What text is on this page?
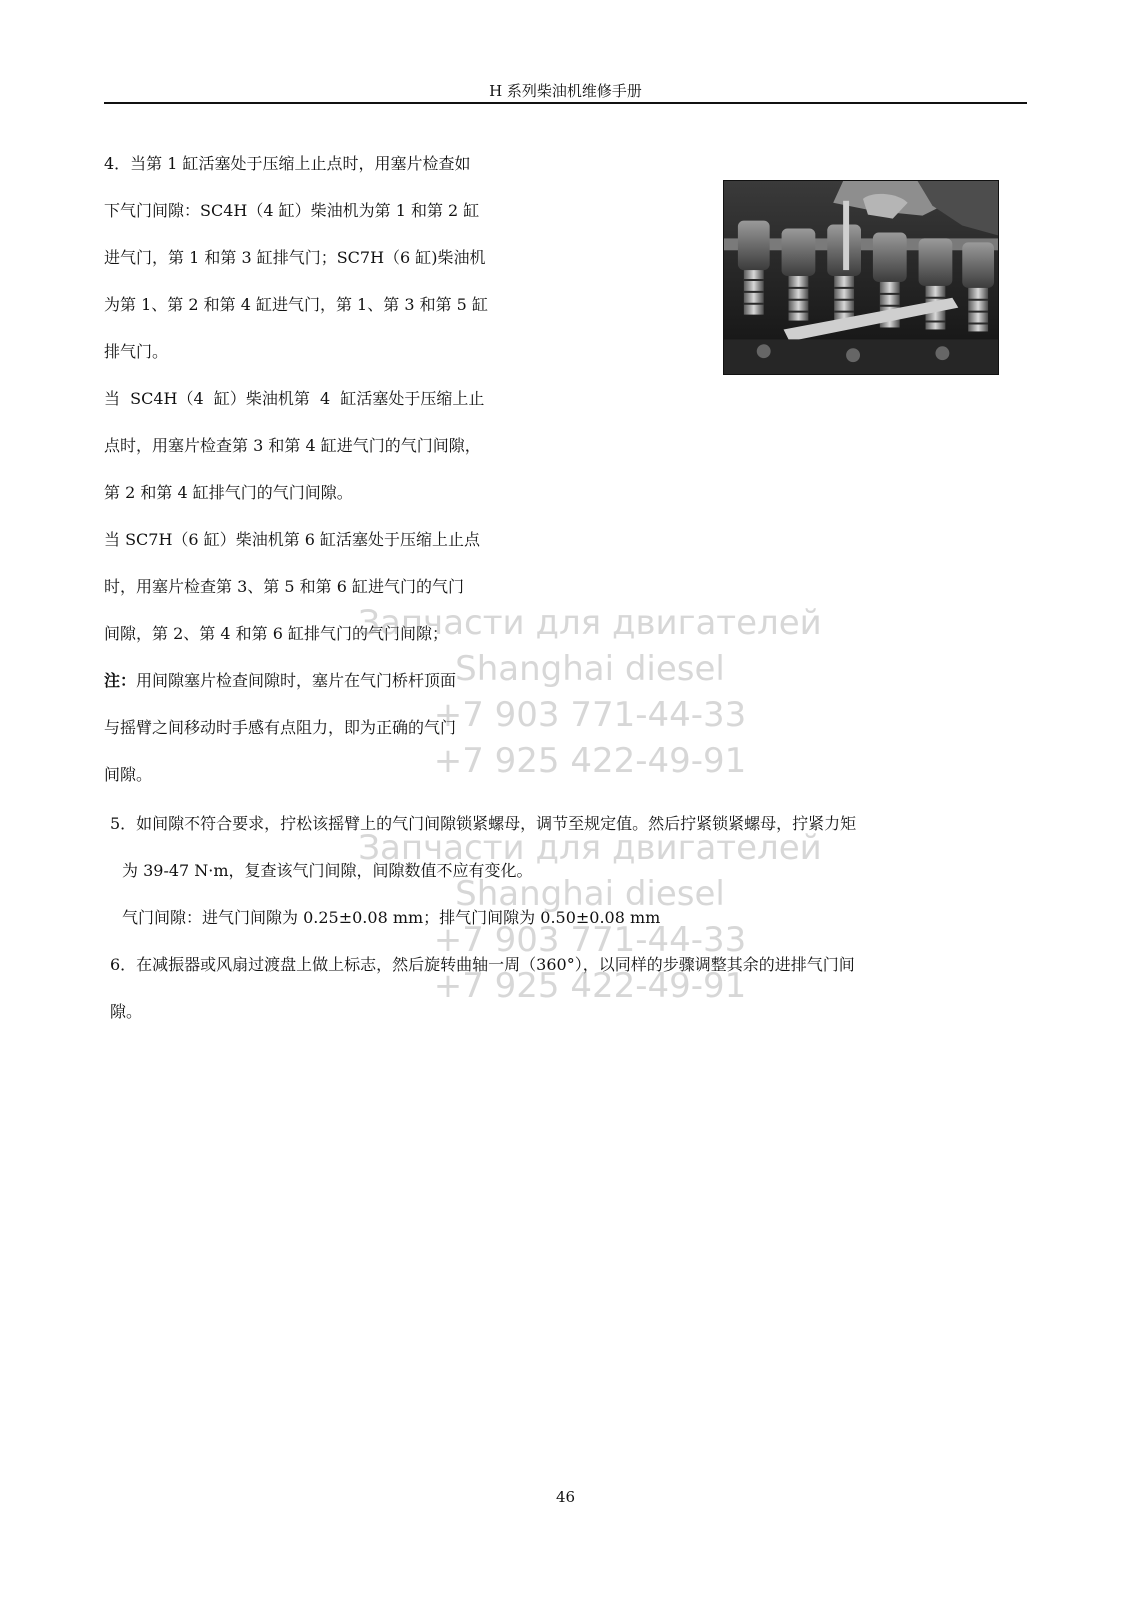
H 系列柴油机维修手册
4．当第 1 缸活塞处于压缩上止点时，用塞片检查如
下气门间隙：SC4H（4 缸）柴油机为第 1 和第 2 缸
进气门，第 1 和第 3 缸排气门；SC7H（6 缸)柴油机
为第 1、第 2 和第 4 缸进气门，第 1、第 3 和第 5 缸
排气门。
当  SC4H（4  缸）柴油机第  4  缸活塞处于压缩上止
点时，用塞片检查第 3 和第 4 缸进气门的气门间隙，
第 2 和第 4 缸排气门的气门间隙。
当 SC7H（6 缸）柴油机第 6 缸活塞处于压缩上止点
时，用塞片检查第 3、第 5 和第 6 缸进气门的气门
间隙，第 2、第 4 和第 6 缸排气门的气门间隙；
注：用间隙塞片检查间隙时，塞片在气门桥杆顶面
与摇臂之间移动时手感有点阻力，即为正确的气门
间隙。
5．如间隙不符合要求，拧松该摇臂上的气门间隙锁紧螺母，调节至规定值。然后拧紧锁紧螺母，拧紧力矩
为 39-47 N·m，复查该气门间隙，间隙数值不应有变化。
气门间隙：进气门间隙为 0.25±0.08 mm；排气门间隙为 0.50±0.08 mm
6．在减振器或风扇过渡盘上做上标志，然后旋转曲轴一周（360°），以同样的步骤调整其余的进排气门间
隙。
Запчасти для двигателей
Shanghai diesel
+7 903 771-44-33
+7 925 422-49-91
Запчасти для двигателей
Shanghai diesel
+7 903 771-44-33
+7 925 422-49-91
46
